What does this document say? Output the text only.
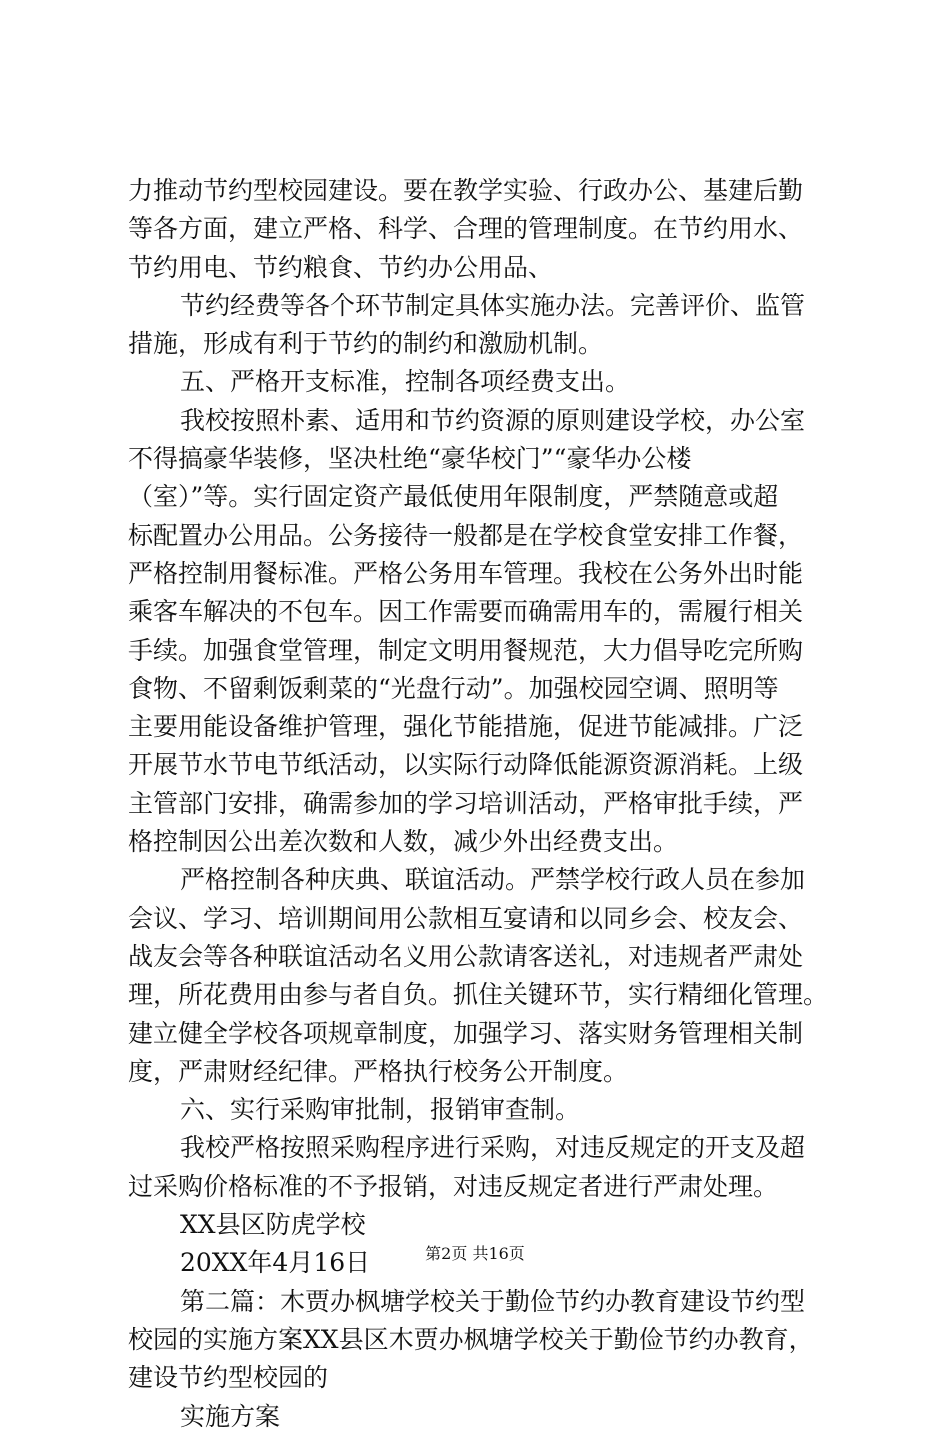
力推动节约型校园建设。要在教学实验、行政办公、基建后勤
等各方面，建立严格、科学、合理的管理制度。在节约用水、
节约用电、节约粮食、节约办公用品、
节约经费等各个环节制定具体实施办法。完善评价、监管
措施，形成有利于节约的制约和激励机制。
五、严格开支标准，控制各项经费支出。
我校按照朴素、适用和节约资源的原则建设学校，办公室
不得搞豪华装修，坚决杜绝“豪华校门”“豪华办公楼
（室）”等。实行固定资产最低使用年限制度，严禁随意或超
标配置办公用品。公务接待一般都是在学校食堂安排工作餐，
严格控制用餐标准。严格公务用车管理。我校在公务外出时能
乘客车解决的不包车。因工作需要而确需用车的，需履行相关
手续。加强食堂管理，制定文明用餐规范，大力倡导吃完所购
食物、不留剩饭剩菜的“光盘行动”。加强校园空调、照明等
主要用能设备维护管理，强化节能措施，促进节能减排。广泛
开展节水节电节纸活动，以实际行动降低能源资源消耗。上级
主管部门安排，确需参加的学习培训活动，严格审批手续，严
格控制因公出差次数和人数，减少外出经费支出。
严格控制各种庆典、联谊活动。严禁学校行政人员在参加
会议、学习、培训期间用公款相互宴请和以同乡会、校友会、
战友会等各种联谊活动名义用公款请客送礼，对违规者严肃处
理，所花费用由参与者自负。抓住关键环节，实行精细化管理。
建立健全学校各项规章制度，加强学习、落实财务管理相关制
度，严肃财经纪律。严格执行校务公开制度。
六、实行采购审批制，报销审查制。
我校严格按照采购程序进行采购，对违反规定的开支及超
过采购价格标准的不予报销，对违反规定者进行严肃处理。
XX县区防虎学校
20XX年4月16日
第二篇：木贾办枫塘学校关于勤俭节约办教育建设节约型
校园的实施方案XX县区木贾办枫塘学校关于勤俭节约办教育，
建设节约型校园的
实施方案
第2页 共16页
